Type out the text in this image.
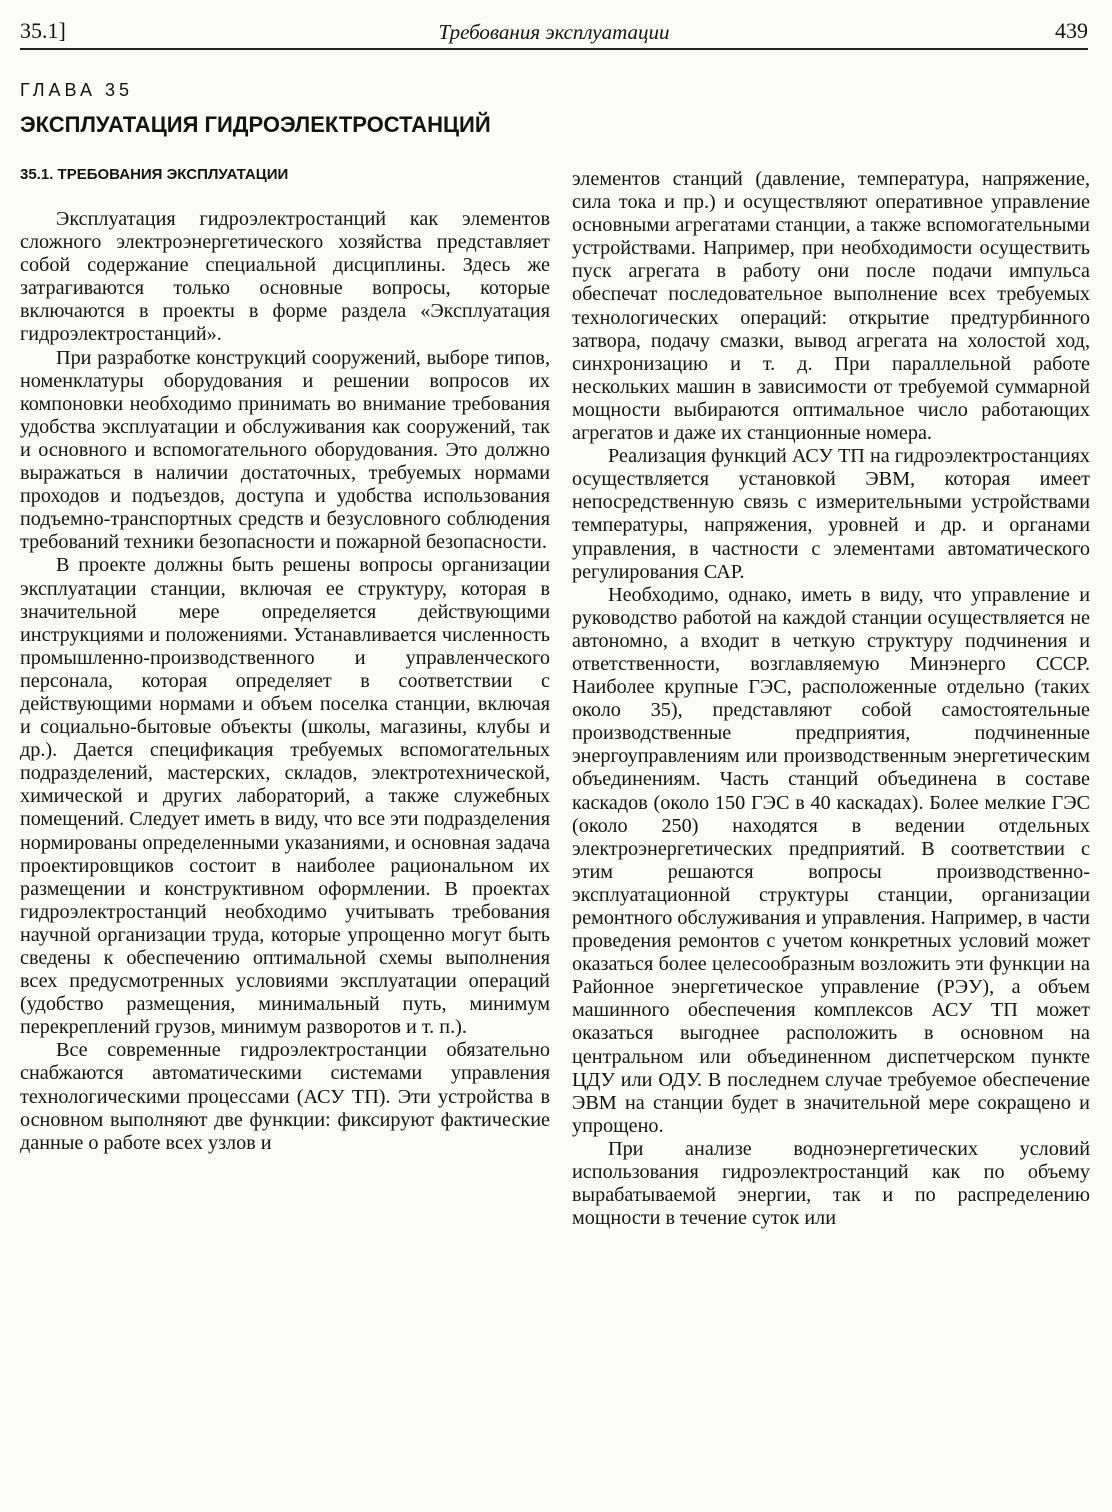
35.1]	Требования эксплуатации	439
ГЛАВА 35
ЭКСПЛУАТАЦИЯ ГИДРОЭЛЕКТРОСТАНЦИЙ
35.1. ТРЕБОВАНИЯ ЭКСПЛУАТАЦИИ

Эксплуатация гидроэлектростанций как элементов сложного электроэнергетического хозяйства представляет собой содержание специальной дисциплины. Здесь же затрагиваются только основные вопросы, которые включаются в проекты в форме раздела «Эксплуатация гидроэлектростанций».

При разработке конструкций сооружений, выборе типов, номенклатуры оборудования и решении вопросов их компоновки необходимо принимать во внимание требования удобства эксплуатации и обслуживания как сооружений, так и основного и вспомогательного оборудования. Это должно выражаться в наличии достаточных, требуемых нормами проходов и подъездов, доступа и удобства использования подъемно-транспортных средств и безусловного соблюдения требований техники безопасности и пожарной безопасности.

В проекте должны быть решены вопросы организации эксплуатации станции, включая ее структуру, которая в значительной мере определяется действующими инструкциями и положениями. Устанавливается численность промышленно-производственного и управленческого персонала, которая определяет в соответствии с действующими нормами и объем поселка станции, включая и социально-бытовые объекты (школы, магазины, клубы и др.). Дается спецификация требуемых вспомогательных подразделений, мастерских, складов, электротехнической, химической и других лабораторий, а также служебных помещений. Следует иметь в виду, что все эти подразделения нормированы определенными указаниями, и основная задача проектировщиков состоит в наиболее рациональном их размещении и конструктивном оформлении. В проектах гидроэлектростанций необходимо учитывать требования научной организации труда, которые упрощенно могут быть сведены к обеспечению оптимальной схемы выполнения всех предусмотренных условиями эксплуатации операций (удобство размещения, минимальный путь, минимум перекреплений грузов, минимум разворотов и т. п.).

Все современные гидроэлектростанции обязательно снабжаются автоматическими системами управления технологическими процессами (АСУ ТП). Эти устройства в основном выполняют две функции: фиксируют фактические данные о работе всех узлов и

элементов станций (давление, температура, напряжение, сила тока и пр.) и осуществляют оперативное управление основными агрегатами станции, а также вспомогательными устройствами. Например, при необходимости осуществить пуск агрегата в работу они после подачи импульса обеспечат последовательное выполнение всех требуемых технологических операций: открытие предтурбинного затвора, подачу смазки, вывод агрегата на холостой ход, синхронизацию и т. д. При параллельной работе нескольких машин в зависимости от требуемой суммарной мощности выбираются оптимальное число работающих агрегатов и даже их станционные номера.

Реализация функций АСУ ТП на гидроэлектростанциях осуществляется установкой ЭВМ, которая имеет непосредственную связь с измерительными устройствами температуры, напряжения, уровней и др. и органами управления, в частности с элементами автоматического регулирования САР.

Необходимо, однако, иметь в виду, что управление и руководство работой на каждой станции осуществляется не автономно, а входит в четкую структуру подчинения и ответственности, возглавляемую Минэнерго СССР. Наиболее крупные ГЭС, расположенные отдельно (таких около 35), представляют собой самостоятельные производственные предприятия, подчиненные энергоуправлениям или производственным энергетическим объединениям. Часть станций объединена в составе каскадов (около 150 ГЭС в 40 каскадах). Более мелкие ГЭС (около 250) находятся в ведении отдельных электроэнергетических предприятий. В соответствии с этим решаются вопросы производственно-эксплуатационной структуры станции, организации ремонтного обслуживания и управления. Например, в части проведения ремонтов с учетом конкретных условий может оказаться более целесообразным возложить эти функции на Районное энергетическое управление (РЭУ), а объем машинного обеспечения комплексов АСУ ТП может оказаться выгоднее расположить в основном на центральном или объединенном диспетчерском пункте ЦДУ или ОДУ. В последнем случае требуемое обеспечение ЭВМ на станции будет в значительной мере сокращено и упрощено.

При анализе водноэнергетических условий использования гидроэлектростанций как по объему вырабатываемой энергии, так и по распределению мощности в течение суток или
